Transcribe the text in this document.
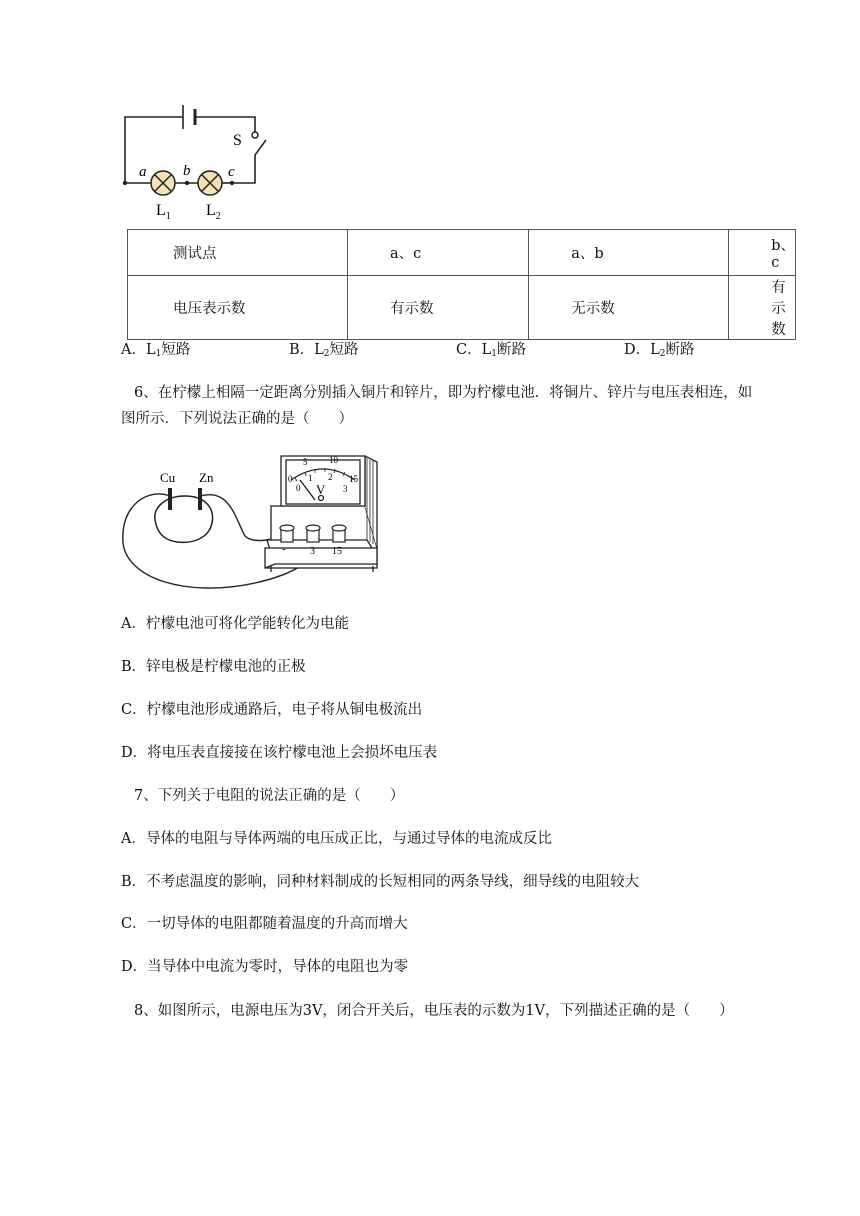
S
a b	c
$L_1$ $L_2$
测试点	a、c	a、b	b、c
电压表示数	有示数	无示数	有示数
A．$L_1$短路	B．$L_2$短路	C．$L_1$断路	D．$L_2$断路
6、在柠檬上相隔一定距离分别插入铜片和锌片，即为柠檬电池．将铜片、锌片与电压表相连，如
图所示．下列说法正确的是（　　）
Cu Zn
5 10
0 1 2 15
0	3
V
- 3 15
A．柠檬电池可将化学能转化为电能
B．锌电极是柠檬电池的正极
C．柠檬电池形成通路后，电子将从铜电极流出
D．将电压表直接接在该柠檬电池上会损坏电压表
7、下列关于电阻的说法正确的是（　　）
A．导体的电阻与导体两端的电压成正比，与通过导体的电流成反比
B．不考虑温度的影响，同种材料制成的长短相同的两条导线，细导线的电阻较大
C．一切导体的电阻都随着温度的升高而增大
D．当导体中电流为零时，导体的电阻也为零
8、如图所示，电源电压为3V，闭合开关后，电压表的示数为1V，下列描述正确的是（　　）
